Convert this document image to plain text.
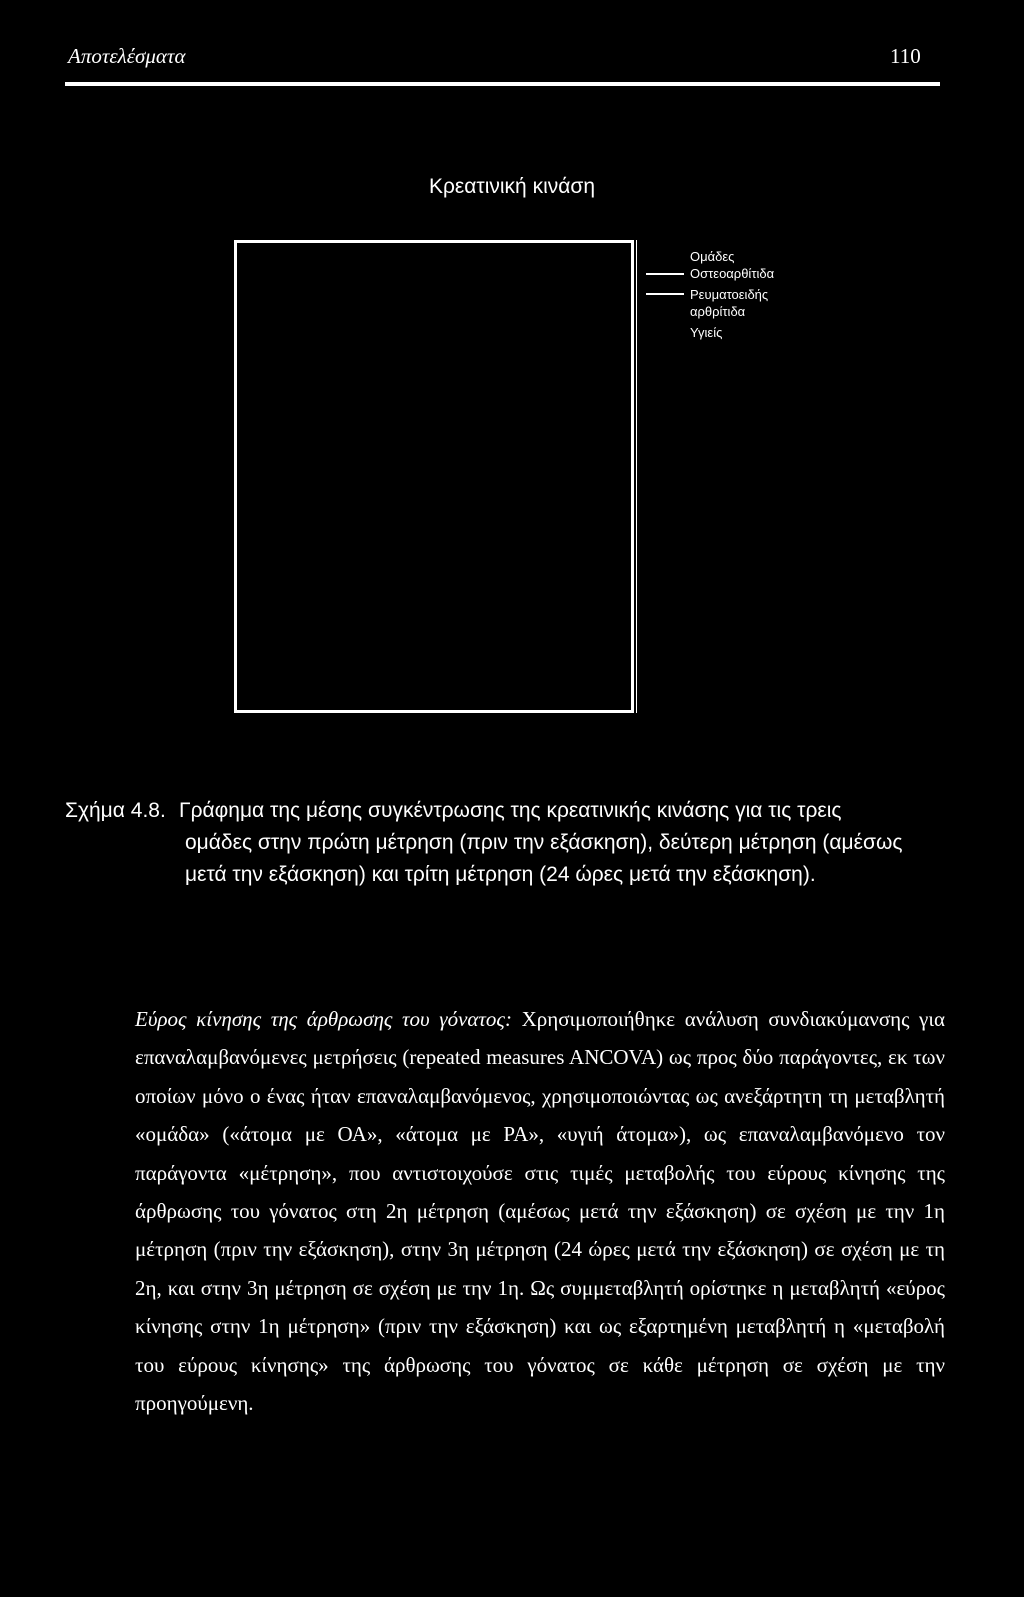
Αποτελέσματα	110
Κρεατινική κινάση
Ομάδες
Οστεοαρθίτιδα
Ρευματοειδής
αρθρίτιδα
Υγιείς
Σχήμα 4.8. Γράφημα της μέσης συγκέντρωσης της κρεατινικής κινάσης για τις τρεις
ομάδες στην πρώτη μέτρηση (πριν την εξάσκηση), δεύτερη μέτρηση (αμέσως
μετά την εξάσκηση) και τρίτη μέτρηση (24 ώρες μετά την εξάσκηση).
Εύρος κίνησης της άρθρωσης του γόνατος: Χρησιμοποιήθηκε ανάλυση συνδιακύμανσης για επαναλαμβανόμενες μετρήσεις (repeated measures ANCOVA) ως προς δύο παράγοντες, εκ των οποίων μόνο ο ένας ήταν επαναλαμβανόμενος, χρησιμοποιώντας ως ανεξάρτητη τη μεταβλητή «ομάδα» («άτομα με ΟΑ», «άτομα με ΡΑ», «υγιή άτομα»), ως επαναλαμβανόμενο τον παράγοντα «μέτρηση», που αντιστοιχούσε στις τιμές μεταβολής του εύρους κίνησης της άρθρωσης του γόνατος στη 2η μέτρηση (αμέσως μετά την εξάσκηση) σε σχέση με την 1η μέτρηση (πριν την εξάσκηση), στην 3η μέτρηση (24 ώρες μετά την εξάσκηση) σε σχέση με τη 2η, και στην 3η μέτρηση σε σχέση με την 1η. Ως συμμεταβλητή ορίστηκε η μεταβλητή «εύρος κίνησης στην 1η μέτρηση» (πριν την εξάσκηση) και ως εξαρτημένη μεταβλητή η «μεταβολή του εύρους κίνησης» της άρθρωσης του γόνατος σε κάθε μέτρηση σε σχέση με την προηγούμενη.
